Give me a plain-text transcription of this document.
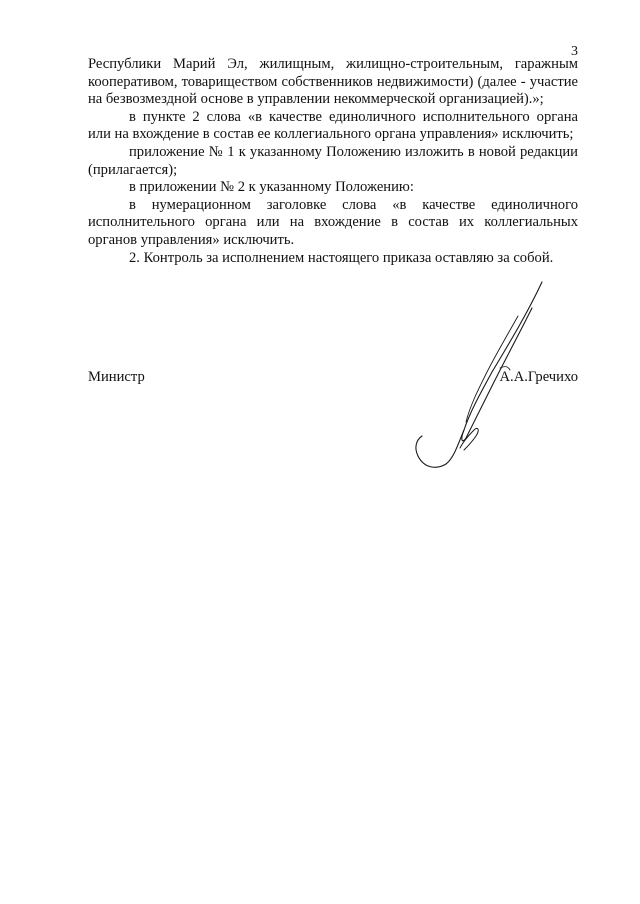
3

Республики Марий Эл, жилищным, жилищно-строительным, гаражным кооперативом, товариществом собственников недвижимости) (далее - участие на безвозмездной основе в управлении некоммерческой организацией).»;

в пункте 2 слова «в качестве единоличного исполнительного органа или на вхождение в состав ее коллегиального органа управления» исключить;

приложение № 1 к указанному Положению изложить в новой редакции (прилагается);

в приложении № 2 к указанному Положению:

в нумерационном заголовке слова «в качестве единоличного исполнительного органа или на вхождение в состав их коллегиальных органов управления» исключить.

2. Контроль за исполнением настоящего приказа оставляю за собой.

Министр	А.А.Гречихо
